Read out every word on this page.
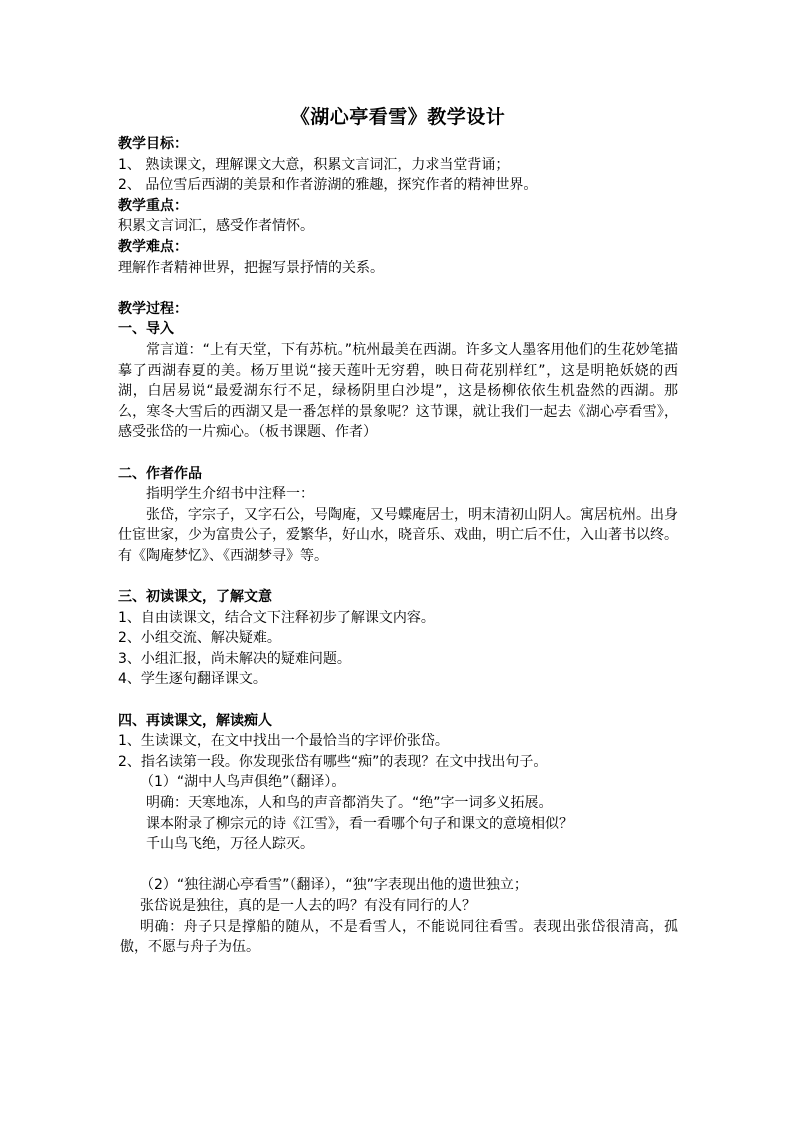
《湖心亭看雪》教学设计
教学目标：
1、 熟读课文，理解课文大意，积累文言词汇，力求当堂背诵；
2、 品位雪后西湖的美景和作者游湖的雅趣，探究作者的精神世界。
教学重点：
积累文言词汇，感受作者情怀。
教学难点：
理解作者精神世界，把握写景抒情的关系。
教学过程：
一、导入
常言道：“上有天堂，下有苏杭。”杭州最美在西湖。许多文人墨客用他们的生花妙笔描摹了西湖春夏的美。杨万里说“接天莲叶无穷碧，映日荷花别样红”，这是明艳妖娆的西湖，白居易说“最爱湖东行不足，绿杨阴里白沙堤”，这是杨柳依依生机盎然的西湖。那么，寒冬大雪后的西湖又是一番怎样的景象呢？这节课，就让我们一起去《湖心亭看雪》，感受张岱的一片痴心。（板书课题、作者）
二、作者作品
指明学生介绍书中注释一：
张岱，字宗子，又字石公，号陶庵，又号蝶庵居士，明末清初山阴人。寓居杭州。出身仕宦世家，少为富贵公子，爱繁华，好山水，晓音乐、戏曲，明亡后不仕，入山著书以终。有《陶庵梦忆》、《西湖梦寻》等。
三、初读课文，了解文意
1、自由读课文，结合文下注释初步了解课文内容。
2、小组交流、解决疑难。
3、小组汇报，尚未解决的疑难问题。
4、学生逐句翻译课文。
四、再读课文，解读痴人
1、生读课文，在文中找出一个最恰当的字评价张岱。
2、指名读第一段。你发现张岱有哪些“痴”的表现？在文中找出句子。
（1）“湖中人鸟声俱绝”（翻译）。
明确：天寒地冻，人和鸟的声音都消失了。“绝”字一词多义拓展。
课本附录了柳宗元的诗《江雪》，看一看哪个句子和课文的意境相似？
千山鸟飞绝，万径人踪灭。
（2）“独往湖心亭看雪”（翻译），“独”字表现出他的遗世独立；
张岱说是独往，真的是一人去的吗？有没有同行的人？
明确：舟子只是撑船的随从，不是看雪人，不能说同往看雪。表现出张岱很清高，孤傲，不愿与舟子为伍。
